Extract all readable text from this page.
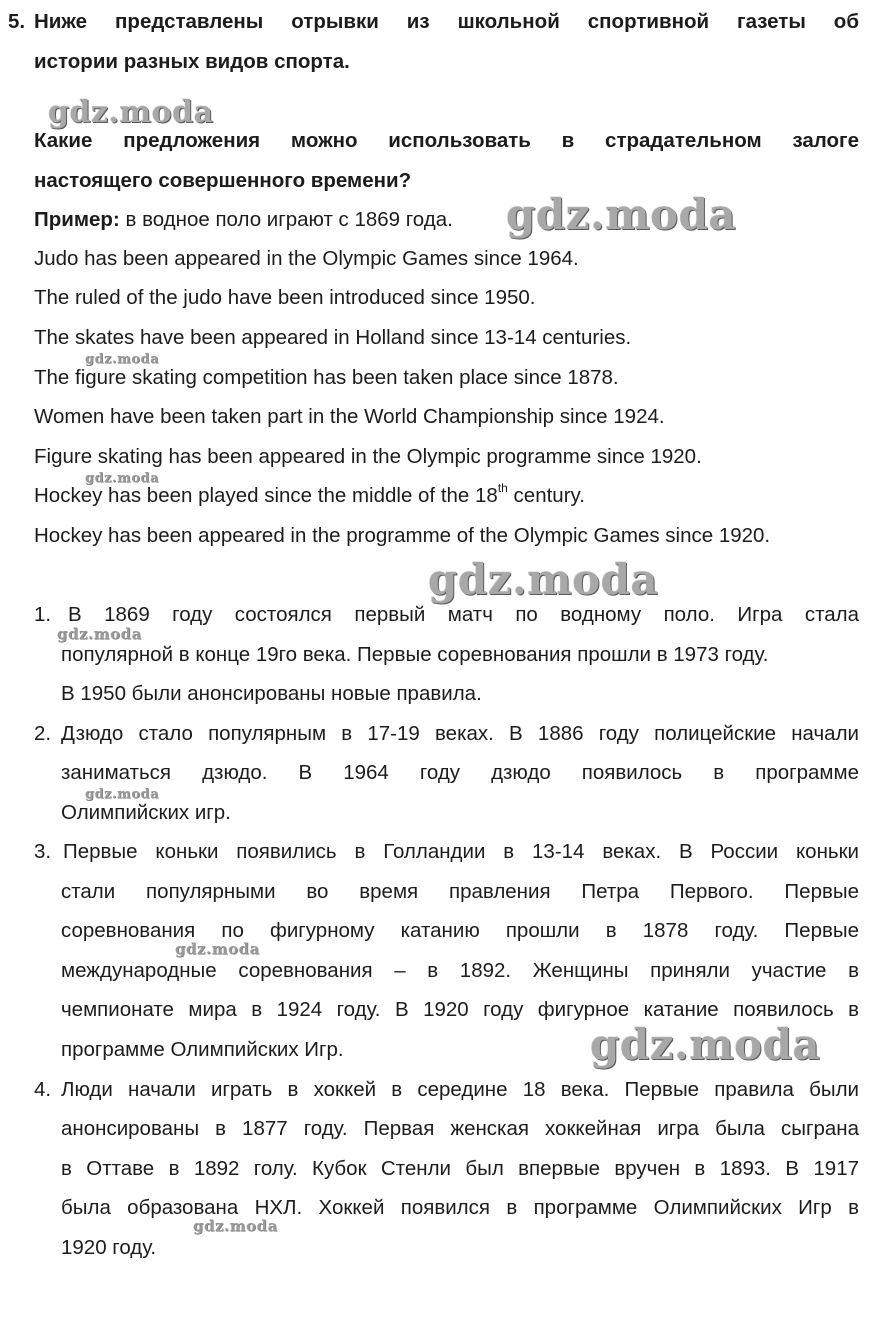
5. Ниже представлены отрывки из школьной спортивной газеты об
истории разных видов спорта.
Какие предложения можно использовать в страдательном залоге
настоящего совершенного времени?
Пример: в водное поло играют с 1869 года.
Judo has been appeared in the Olympic Games since 1964.
The ruled of the judo have been introduced since 1950.
The skates have been appeared in Holland since 13-14 centuries.
The figure skating competition has been taken place since 1878.
Women have been taken part in the World Championship since 1924.
Figure skating has been appeared in the Olympic programme since 1920.
Hockey has been played since the middle of the 18th century.
Hockey has been appeared in the programme of the Olympic Games since 1920.
1. В 1869 году состоялся первый матч по водному поло. Игра стала
популярной в конце 19го века. Первые соревнования прошли в 1973 году.
В 1950 были анонсированы новые правила.
2. Дзюдо стало популярным в 17-19 веках. В 1886 году полицейские начали
заниматься дзюдо. В 1964 году дзюдо появилось в программе
Олимпийских игр.
3. Первые коньки появились в Голландии в 13-14 веках. В России коньки
стали популярными во время правления Петра Первого. Первые
соревнования по фигурному катанию прошли в 1878 году. Первые
международные соревнования – в 1892. Женщины приняли участие в
чемпионате мира в 1924 году. В 1920 году фигурное катание появилось в
программе Олимпийских Игр.
4. Люди начали играть в хоккей в середине 18 века. Первые правила были
анонсированы в 1877 году. Первая женская хоккейная игра была сыграна
в Оттаве в 1892 голу. Кубок Стенли был впервые вручен в 1893. В 1917
была образована НХЛ. Хоккей появился в программе Олимпийских Игр в
1920 году.
gdz.moda
gdz.moda
gdz.moda
gdz.moda
gdz.moda
gdz.moda
gdz.moda
gdz.moda
gdz.moda
gdz.moda
